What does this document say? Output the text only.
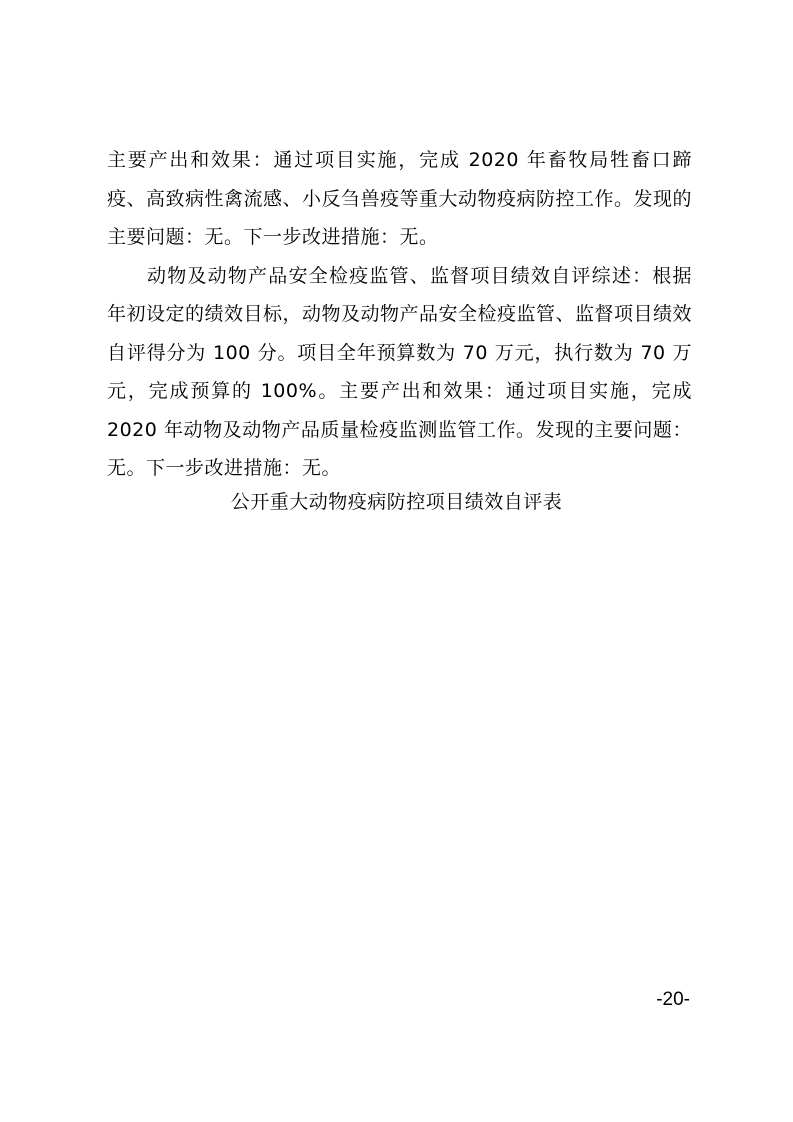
主要产出和效果：通过项目实施，完成 2020 年畜牧局牲畜口蹄疫、高致病性禽流感、小反刍兽疫等重大动物疫病防控工作。发现的主要问题：无。下一步改进措施：无。

动物及动物产品安全检疫监管、监督项目绩效自评综述：根据年初设定的绩效目标，动物及动物产品安全检疫监管、监督项目绩效自评得分为 100 分。项目全年预算数为 70 万元，执行数为 70 万元，完成预算的 100%。主要产出和效果：通过项目实施，完成 2020 年动物及动物产品质量检疫监测监管工作。发现的主要问题：无。下一步改进措施：无。

公开重大动物疫病防控项目绩效自评表
-20-
